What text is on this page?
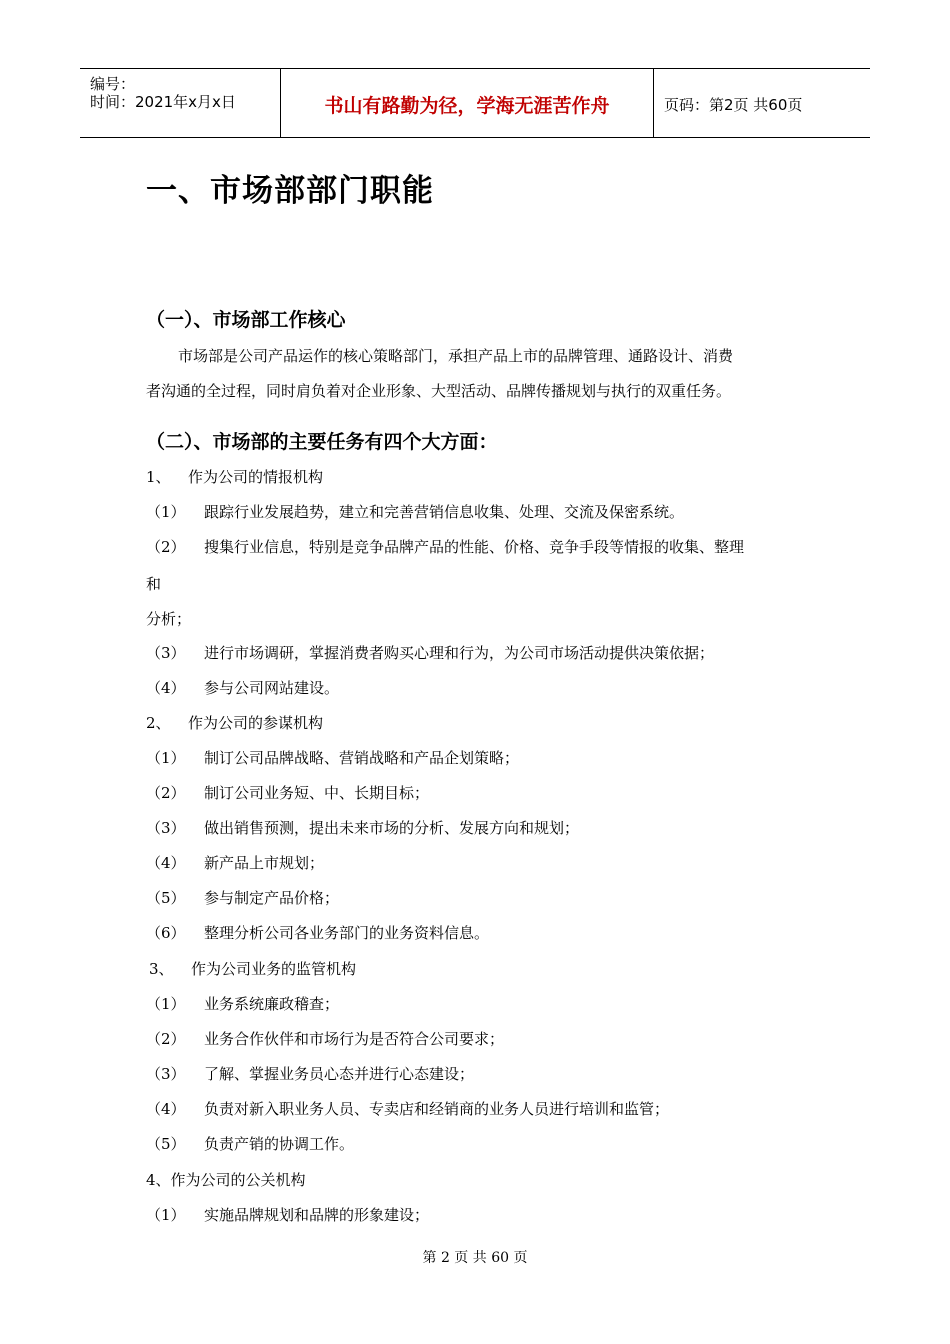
编号：
时间：2021年x月x日	书山有路勤为径，学海无涯苦作舟	页码：第2页 共60页
一、市场部部门职能
（一）、市场部工作核心
市场部是公司产品运作的核心策略部门，承担产品上市的品牌管理、通路设计、消费
者沟通的全过程，同时肩负着对企业形象、大型活动、品牌传播规划与执行的双重任务。
（二）、市场部的主要任务有四个大方面：
1、 作为公司的情报机构
（1） 跟踪行业发展趋势，建立和完善营销信息收集、处理、交流及保密系统。
（2） 搜集行业信息，特别是竞争品牌产品的性能、价格、竞争手段等情报的收集、整理
和
分析；
（3） 进行市场调研，掌握消费者购买心理和行为，为公司市场活动提供决策依据；
（4） 参与公司网站建设。
2、 作为公司的参谋机构
（1） 制订公司品牌战略、营销战略和产品企划策略；
（2） 制订公司业务短、中、长期目标；
（3） 做出销售预测，提出未来市场的分析、发展方向和规划；
（4） 新产品上市规划；
（5） 参与制定产品价格；
（6） 整理分析公司各业务部门的业务资料信息。
3、 作为公司业务的监管机构
（1） 业务系统廉政稽查；
（2） 业务合作伙伴和市场行为是否符合公司要求；
（3） 了解、掌握业务员心态并进行心态建设；
（4） 负责对新入职业务人员、专卖店和经销商的业务人员进行培训和监管；
（5） 负责产销的协调工作。
4、作为公司的公关机构
（1） 实施品牌规划和品牌的形象建设；
第 2 页 共 60 页
